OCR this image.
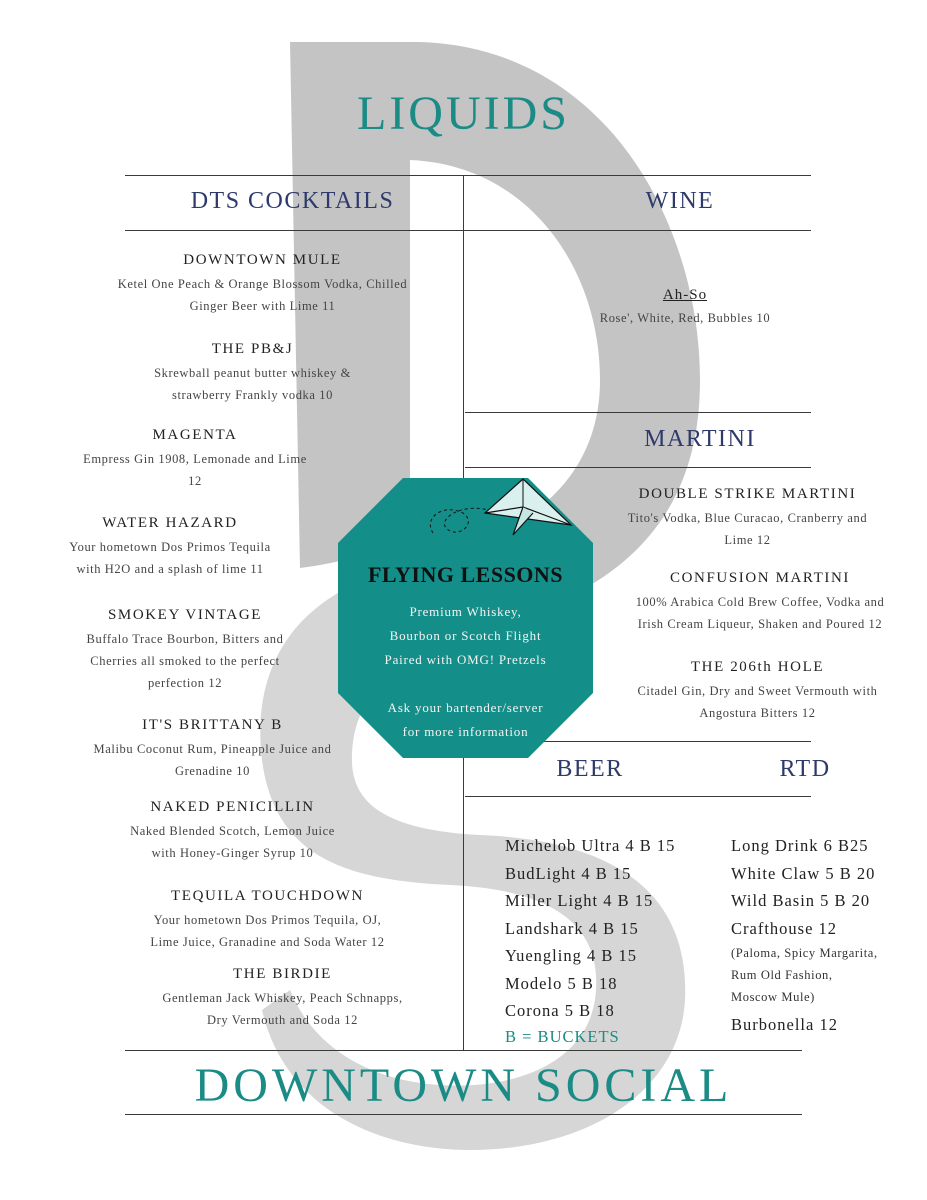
LIQUIDS
DTS COCKTAILS	WINE
MARTINI
BEER	RTD
DOWNTOWN MULE
Ketel One Peach & Orange Blossom Vodka, Chilled
Ginger Beer with Lime 11
THE PB&J
Skrewball peanut butter whiskey &
strawberry Frankly vodka 10
MAGENTA
Empress Gin 1908, Lemonade and Lime
12
WATER HAZARD
Your hometown Dos Primos Tequila
with H2O and a splash of lime 11
SMOKEY VINTAGE
Buffalo Trace Bourbon, Bitters and
Cherries all smoked to the perfect
perfection 12
IT'S BRITTANY B
Malibu Coconut Rum, Pineapple Juice and
Grenadine 10
NAKED PENICILLIN
Naked Blended Scotch, Lemon Juice
with Honey-Ginger Syrup 10
TEQUILA TOUCHDOWN
Your hometown Dos Primos Tequila, OJ,
Lime Juice, Granadine and Soda Water 12
THE BIRDIE
Gentleman Jack Whiskey, Peach Schnapps,
Dry Vermouth and Soda 12
Ah-So
Rose', White, Red, Bubbles 10
DOUBLE STRIKE MARTINI
Tito's Vodka, Blue Curacao, Cranberry and
Lime 12
CONFUSION MARTINI
100% Arabica Cold Brew Coffee, Vodka and
Irish Cream Liqueur, Shaken and Poured 12
THE 206th HOLE
Citadel Gin, Dry and Sweet Vermouth with
Angostura Bitters 12
FLYING LESSONS
Premium Whiskey,
Bourbon or Scotch Flight
Paired with OMG! Pretzels
Ask your bartender/server
for more information
Michelob Ultra 4 B 15
BudLight 4 B 15
Miller Light 4 B 15
Landshark 4 B 15
Yuengling 4 B 15
Modelo 5 B 18
Corona 5 B 18
B = BUCKETS
Long Drink 6 B25
White Claw 5 B 20
Wild Basin 5 B 20
Crafthouse 12
(Paloma, Spicy Margarita,
Rum Old Fashion,
Moscow Mule)
Burbonella 12
DOWNTOWN SOCIAL
